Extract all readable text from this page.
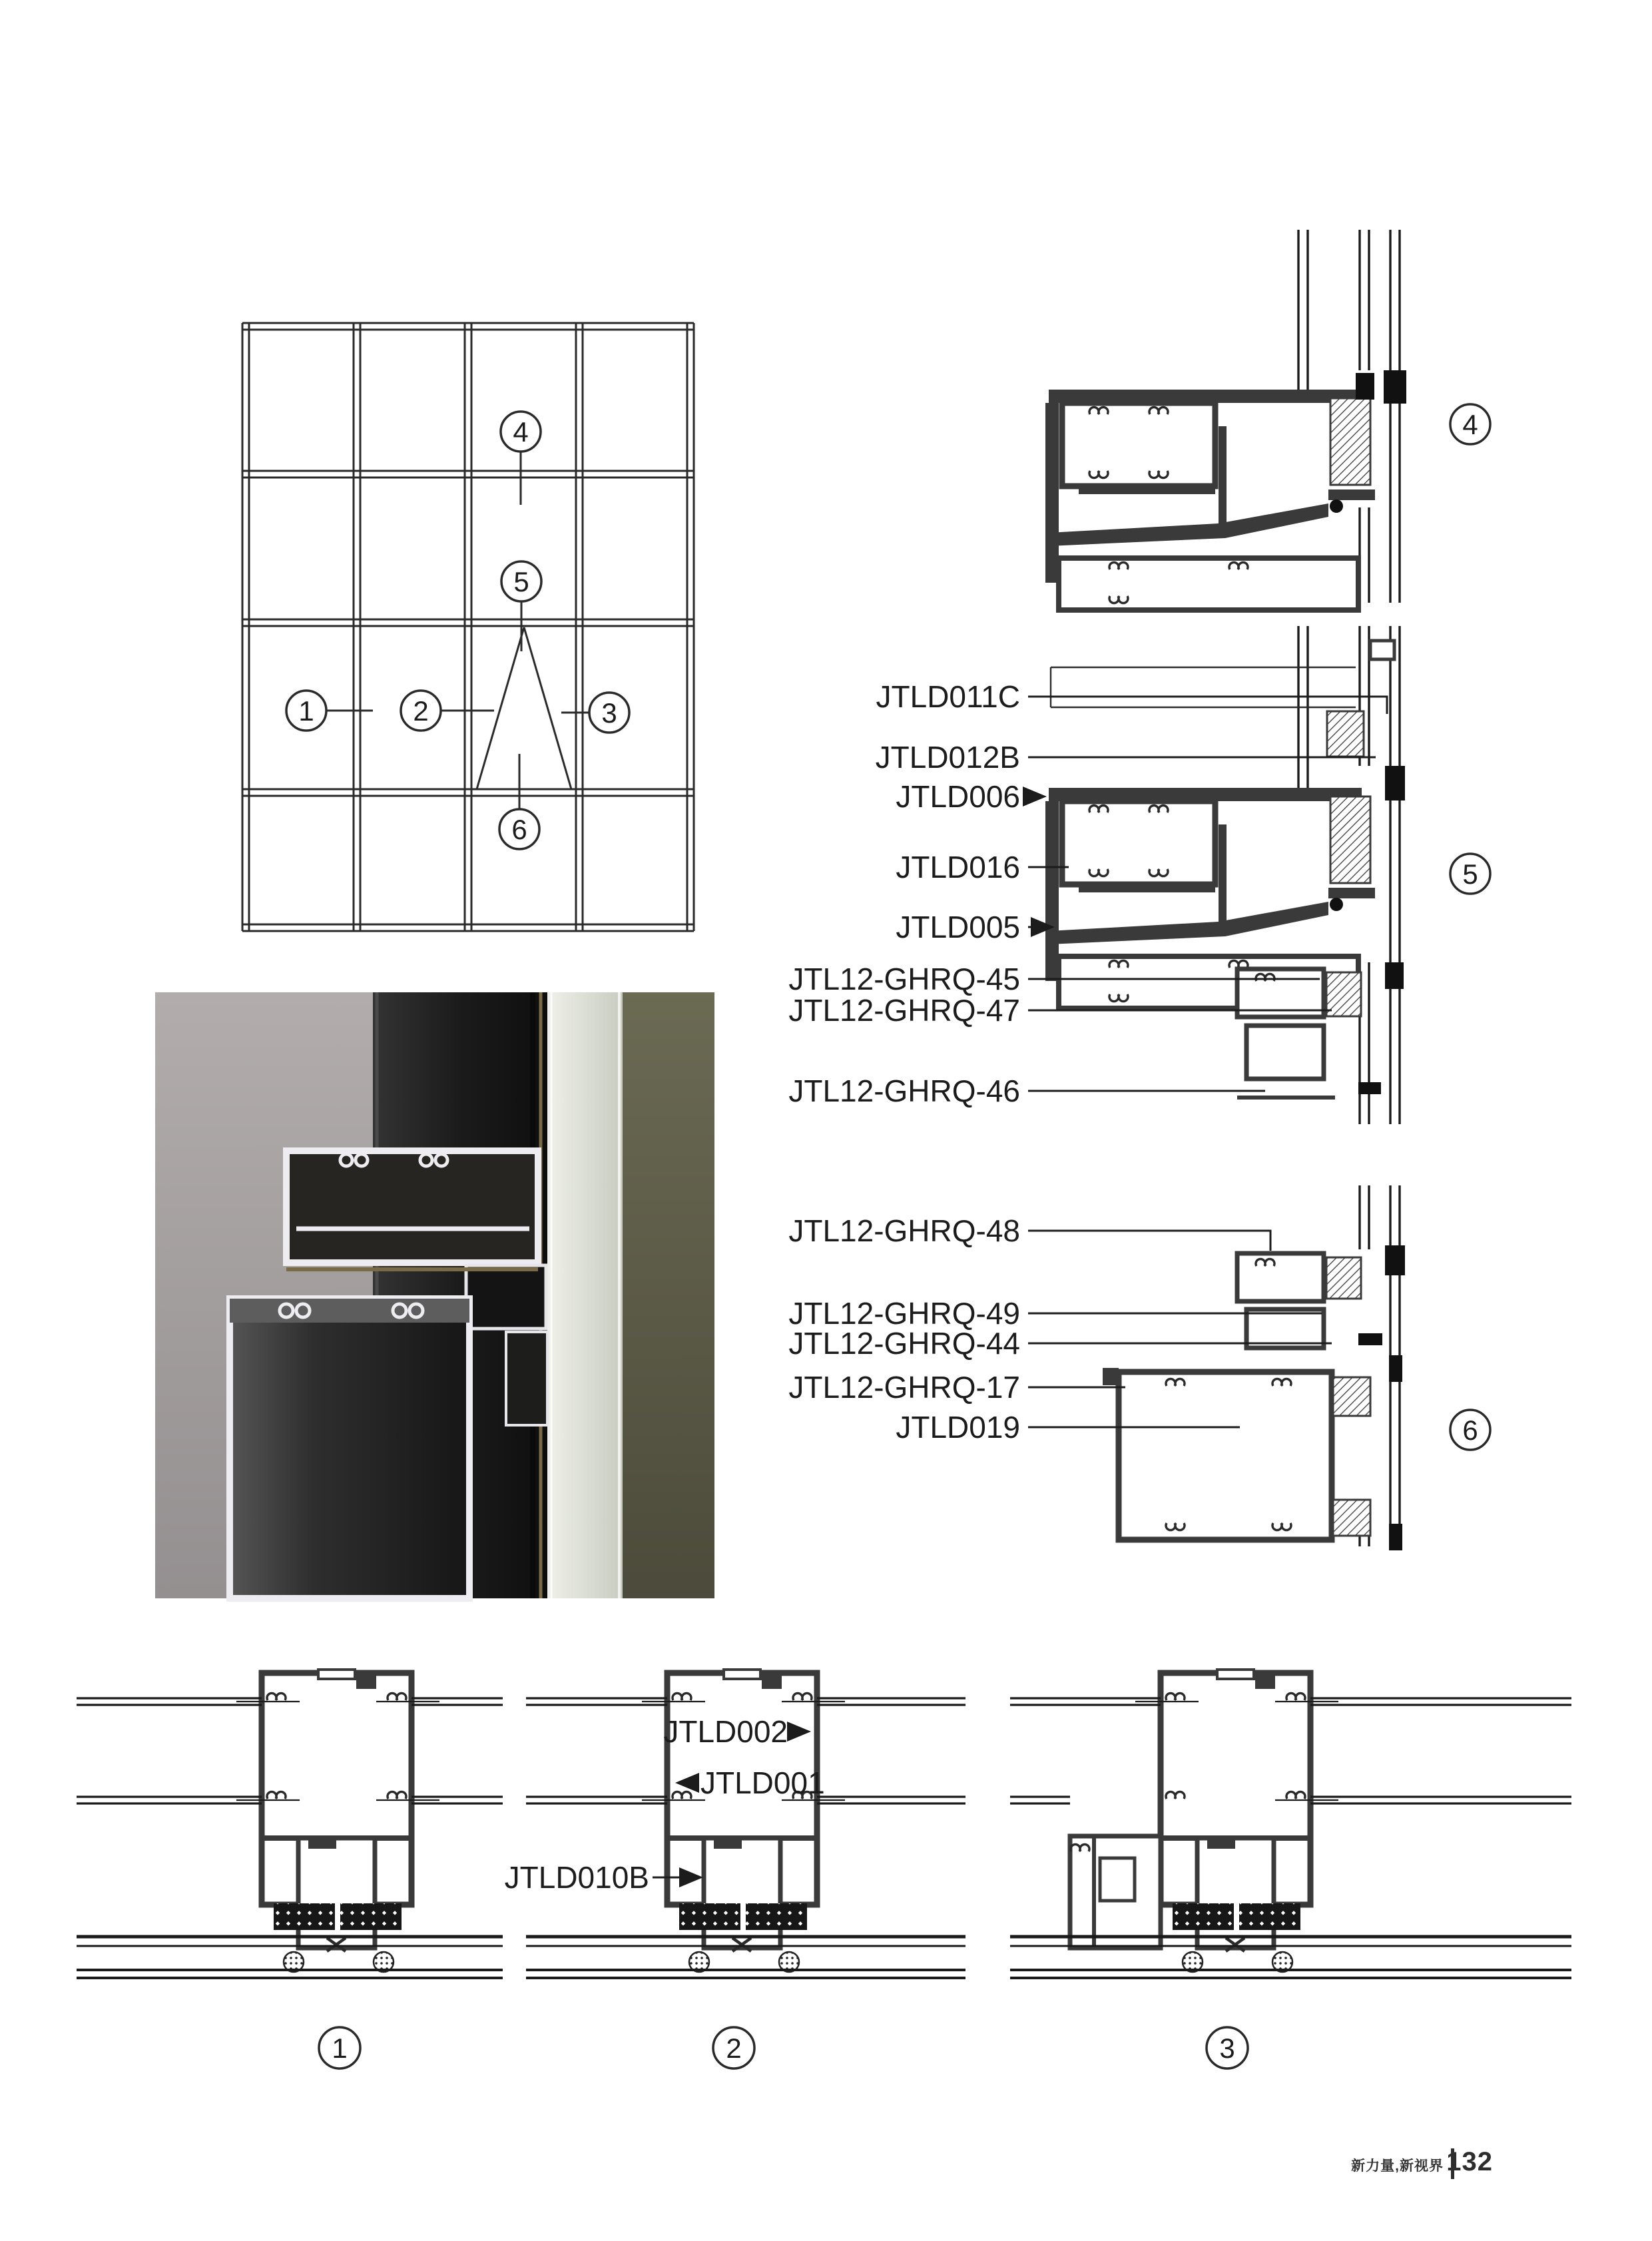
4
5
1	2	3
6
4
5
6
JTLD011C
JTLD012B
JTLD006
JTLD016
JTLD005
JTL12-GHRQ-45
JTL12-GHRQ-47
JTL12-GHRQ-46
JTL12-GHRQ-48
JTL12-GHRQ-49
JTL12-GHRQ-44
JTL12-GHRQ-17
JTLD019
1	2	3
JTLD002
JTLD001
JTLD010B
新力量,新视界 132
